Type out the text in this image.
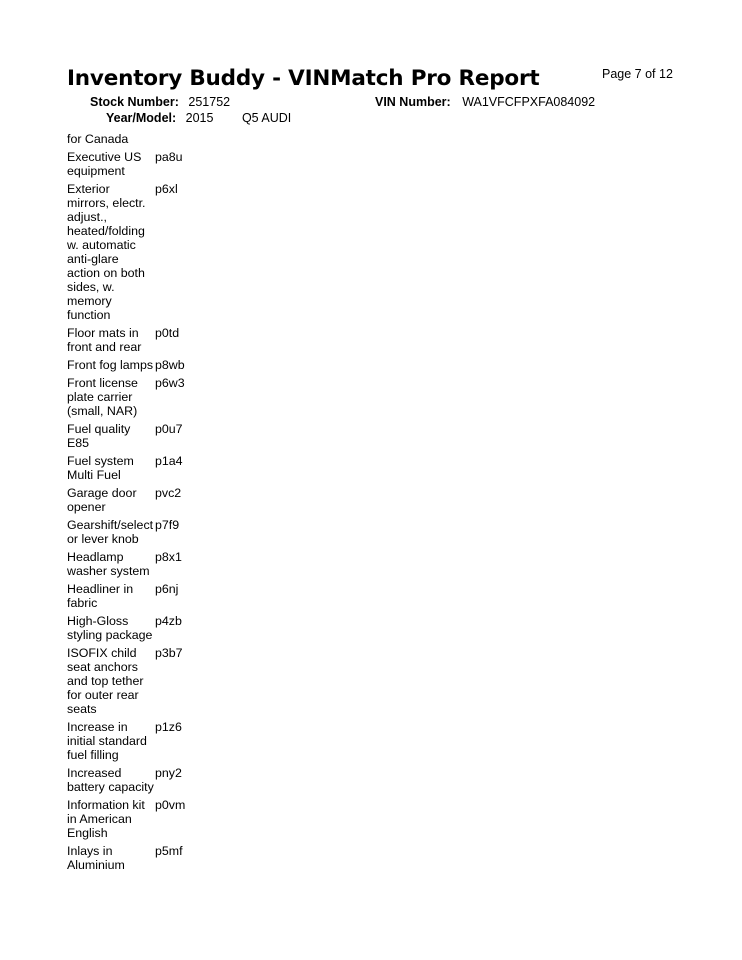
Inventory Buddy - VINMatch Pro Report	Page 7 of 12
Stock Number: 251752	VIN Number: WA1VFCFPXFA084092
Year/Model: 2015 Q5 AUDI
for Canada
Executive US equipment
pa8u
Exterior mirrors, electr. adjust., heated/folding w. automatic anti-glare action on both sides, w. memory function
p6xl
Floor mats in front and rear
p0td
Front fog lamps p8wb
Front license plate carrier (small, NAR)
p6w3
Fuel quality E85
p0u7
Fuel system Multi Fuel
p1a4
Garage door opener
pvc2
Gearshift/select or lever knob
p7f9
Headlamp washer system
p8x1
Headliner in fabric
p6nj
High-Gloss styling package
p4zb
ISOFIX child seat anchors and top tether for outer rear seats
p3b7
Increase in initial standard fuel filling
p1z6
Increased battery capacity
pny2
Information kit in American English
p0vm
Inlays in Aluminium
p5mf
